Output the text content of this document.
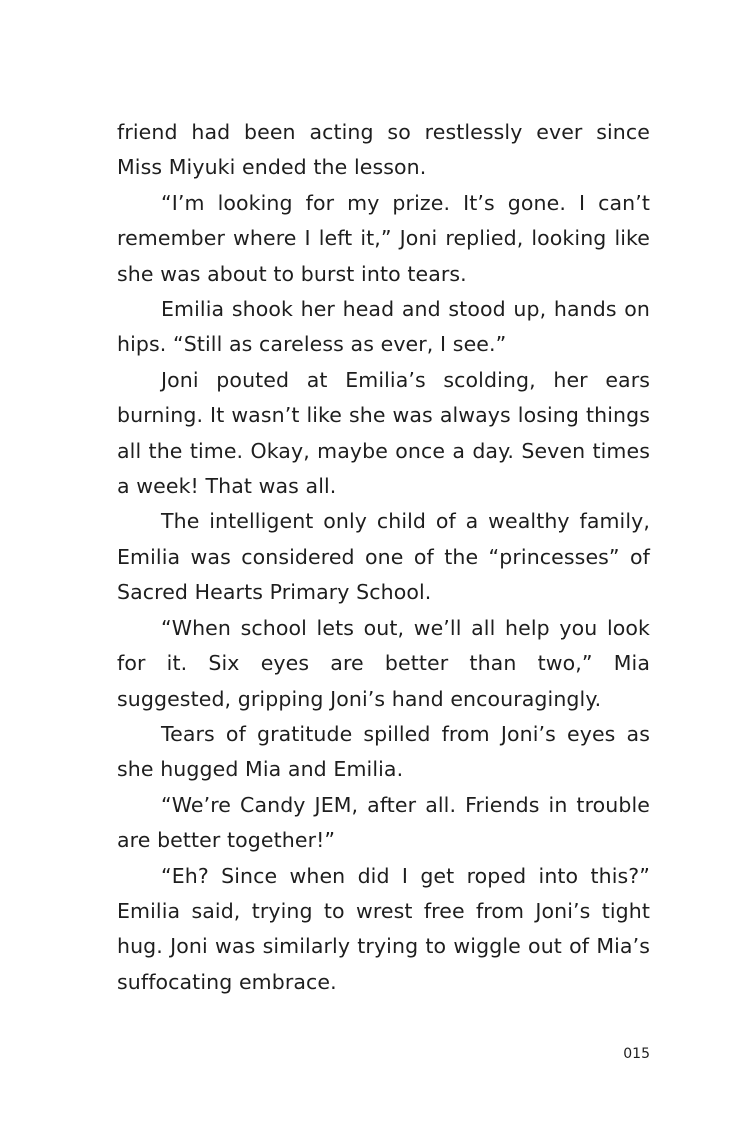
friend had been acting so restlessly ever since Miss Miyuki ended the lesson.

“I’m looking for my prize. It’s gone. I can’t remember where I left it,” Joni replied, looking like she was about to burst into tears.

Emilia shook her head and stood up, hands on hips. “Still as careless as ever, I see.”

Joni pouted at Emilia’s scolding, her ears burning. It wasn’t like she was always losing things all the time. Okay, maybe once a day. Seven times a week! That was all.

The intelligent only child of a wealthy family, Emilia was considered one of the “princesses” of Sacred Hearts Primary School.

“When school lets out, we’ll all help you look for it. Six eyes are better than two,” Mia suggested, gripping Joni’s hand encouragingly.

Tears of gratitude spilled from Joni’s eyes as she hugged Mia and Emilia.

“We’re Candy JEM, after all. Friends in trouble are better together!”

“Eh? Since when did I get roped into this?” Emilia said, trying to wrest free from Joni’s tight hug. Joni was similarly trying to wiggle out of Mia’s suffocating embrace.

015
